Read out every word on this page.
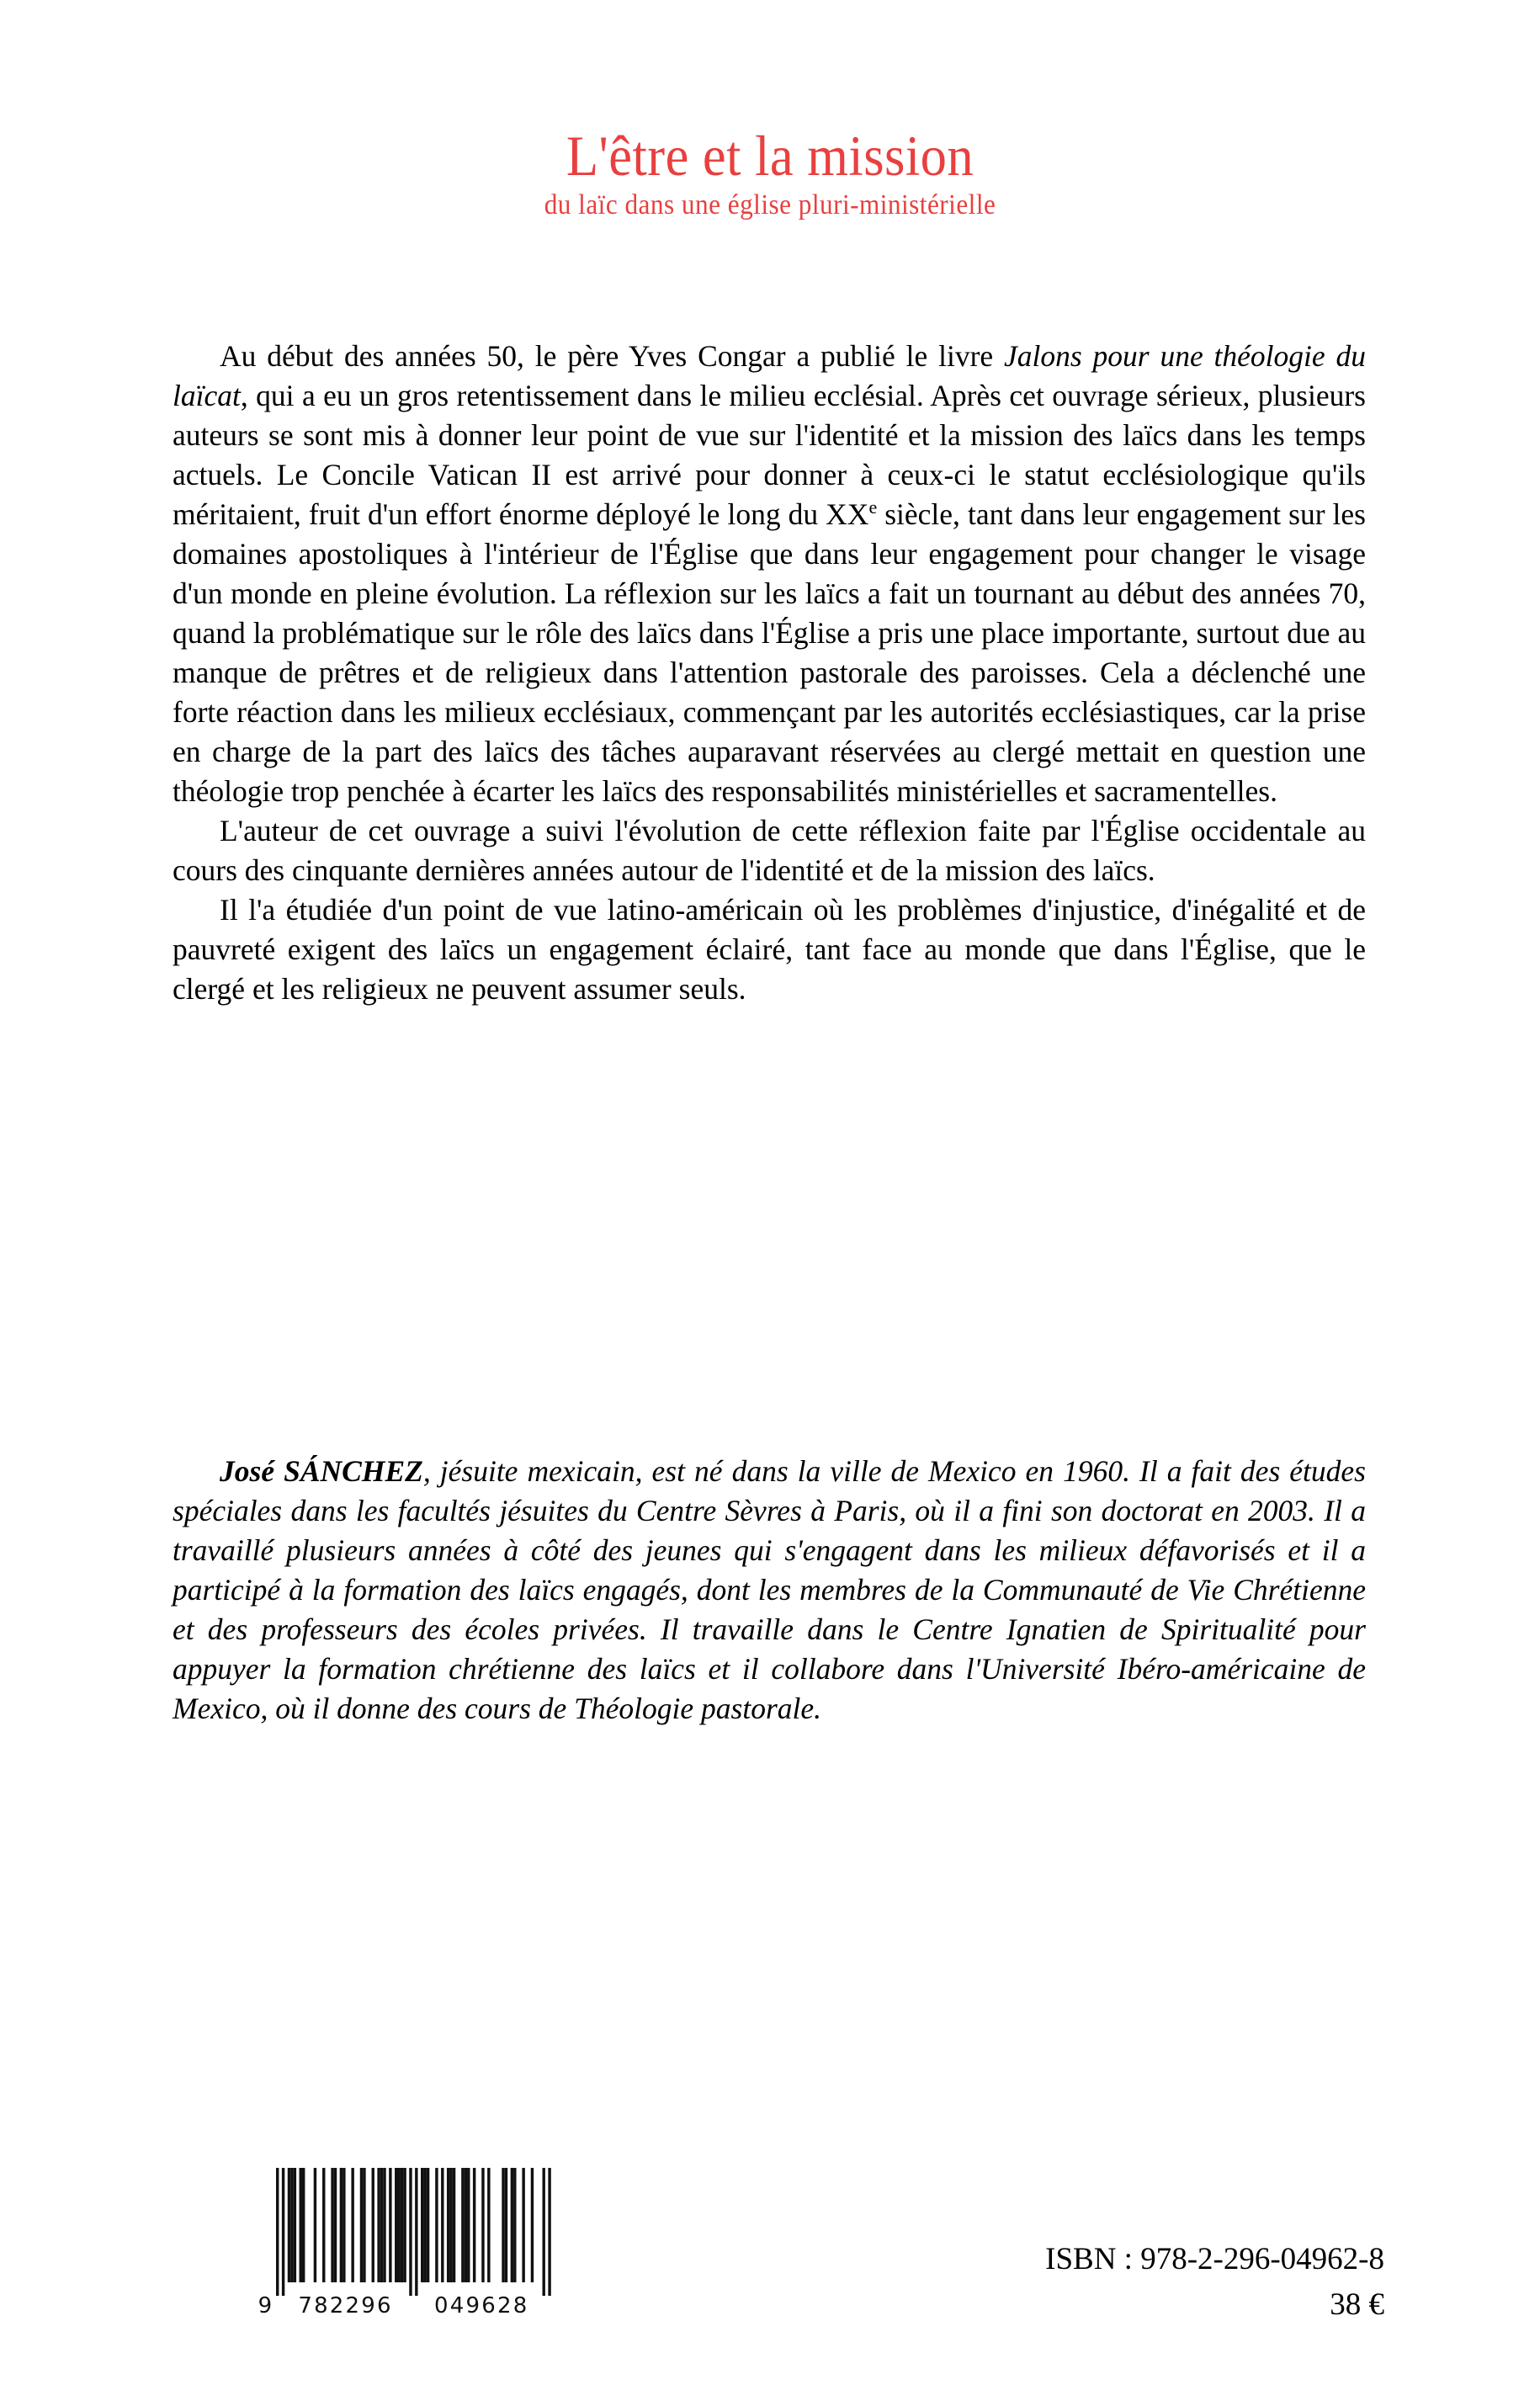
L'être et la mission
du laïc dans une église pluri-ministérielle

Au début des années 50, le père Yves Congar a publié le livre Jalons pour une théologie du laïcat, qui a eu un gros retentissement dans le milieu ecclésial. Après cet ouvrage sérieux, plusieurs auteurs se sont mis à donner leur point de vue sur l'identité et la mission des laïcs dans les temps actuels. Le Concile Vatican II est arrivé pour donner à ceux-ci le statut ecclésiologique qu'ils méritaient, fruit d'un effort énorme déployé le long du XXe siècle, tant dans leur engagement sur les domaines apostoliques à l'intérieur de l'Église que dans leur engagement pour changer le visage d'un monde en pleine évolution. La réflexion sur les laïcs a fait un tournant au début des années 70, quand la problématique sur le rôle des laïcs dans l'Église a pris une place importante, surtout due au manque de prêtres et de religieux dans l'attention pastorale des paroisses. Cela a déclenché une forte réaction dans les milieux ecclésiaux, commençant par les autorités ecclésiastiques, car la prise en charge de la part des laïcs des tâches auparavant réservées au clergé mettait en question une théologie trop penchée à écarter les laïcs des responsabilités ministérielles et sacramentelles.

L'auteur de cet ouvrage a suivi l'évolution de cette réflexion faite par l'Église occidentale au cours des cinquante dernières années autour de l'identité et de la mission des laïcs.

Il l'a étudiée d'un point de vue latino-américain où les problèmes d'injustice, d'inégalité et de pauvreté exigent des laïcs un engagement éclairé, tant face au monde que dans l'Église, que le clergé et les religieux ne peuvent assumer seuls.

José SÁNCHEZ, jésuite mexicain, est né dans la ville de Mexico en 1960. Il a fait des études spéciales dans les facultés jésuites du Centre Sèvres à Paris, où il a fini son doctorat en 2003. Il a travaillé plusieurs années à côté des jeunes qui s'engagent dans les milieux défavorisés et il a participé à la formation des laïcs engagés, dont les membres de la Communauté de Vie Chrétienne et des professeurs des écoles privées. Il travaille dans le Centre Ignatien de Spiritualité pour appuyer la formation chrétienne des laïcs et il collabore dans l'Université Ibéro-américaine de Mexico, où il donne des cours de Théologie pastorale.

9 782296	049628
ISBN : 978-2-296-04962-8
38 €
